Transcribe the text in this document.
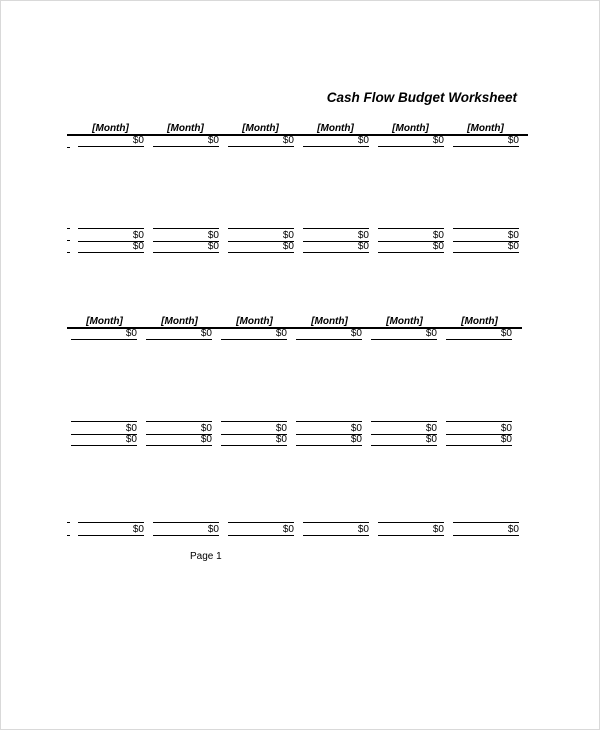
Cash Flow Budget Worksheet
[Month]	[Month]	[Month]	[Month]	[Month]	[Month]
$0	$0	$0	$0	$0	$0
$0	$0	$0	$0	$0	$0
$0	$0	$0	$0	$0	$0
[Month]	[Month]	[Month]	[Month]	[Month]	[Month]
$0	$0	$0	$0	$0	$0
$0	$0	$0	$0	$0	$0
$0	$0	$0	$0	$0	$0
$0	$0	$0	$0	$0	$0
Page 1
